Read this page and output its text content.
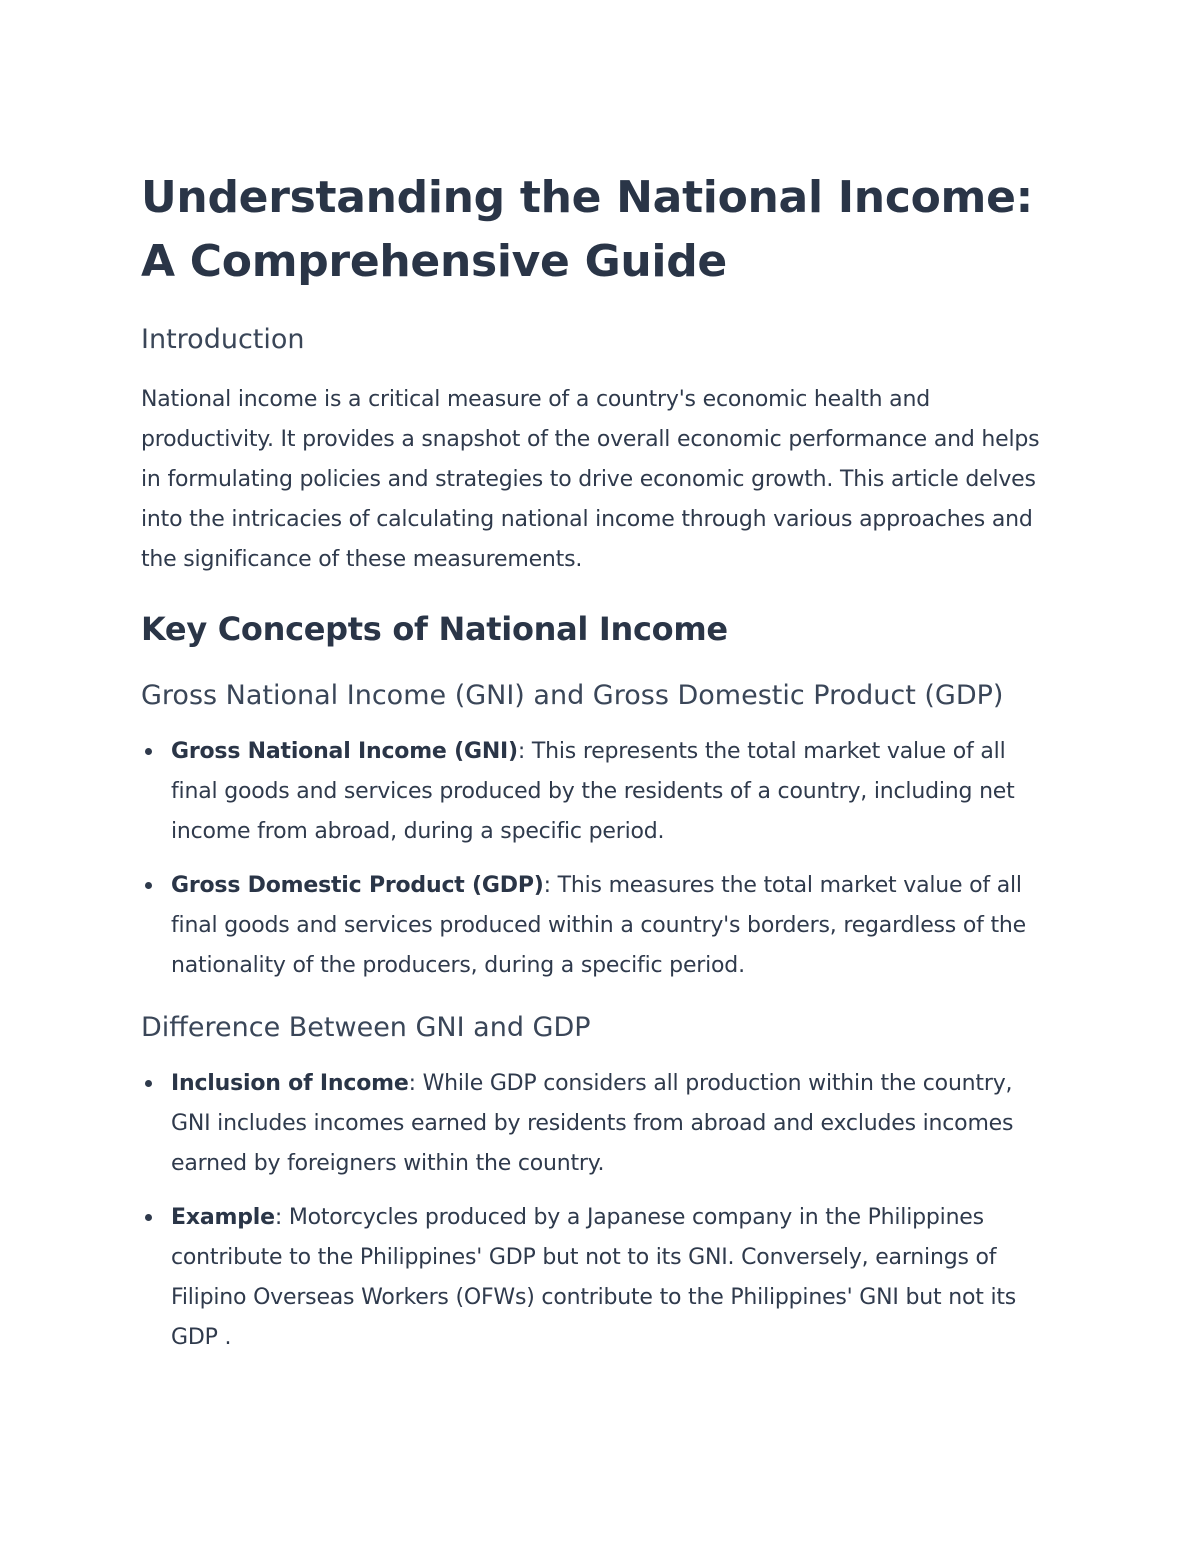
Understanding the National Income: A Comprehensive Guide
Introduction

National income is a critical measure of a country's economic health and productivity. It provides a snapshot of the overall economic performance and helps in formulating policies and strategies to drive economic growth. This article delves into the intricacies of calculating national income through various approaches and the significance of these measurements.

Key Concepts of National Income
Gross National Income (GNI) and Gross Domestic Product (GDP)
Gross National Income (GNI): This represents the total market value of all final goods and services produced by the residents of a country, including net income from abroad, during a specific period.
Gross Domestic Product (GDP): This measures the total market value of all final goods and services produced within a country's borders, regardless of the nationality of the producers, during a specific period.
Difference Between GNI and GDP
Inclusion of Income: While GDP considers all production within the country, GNI includes incomes earned by residents from abroad and excludes incomes earned by foreigners within the country.
Example: Motorcycles produced by a Japanese company in the Philippines contribute to the Philippines' GDP but not to its GNI. Conversely, earnings of Filipino Overseas Workers (OFWs) contribute to the Philippines' GNI but not its GDP .
